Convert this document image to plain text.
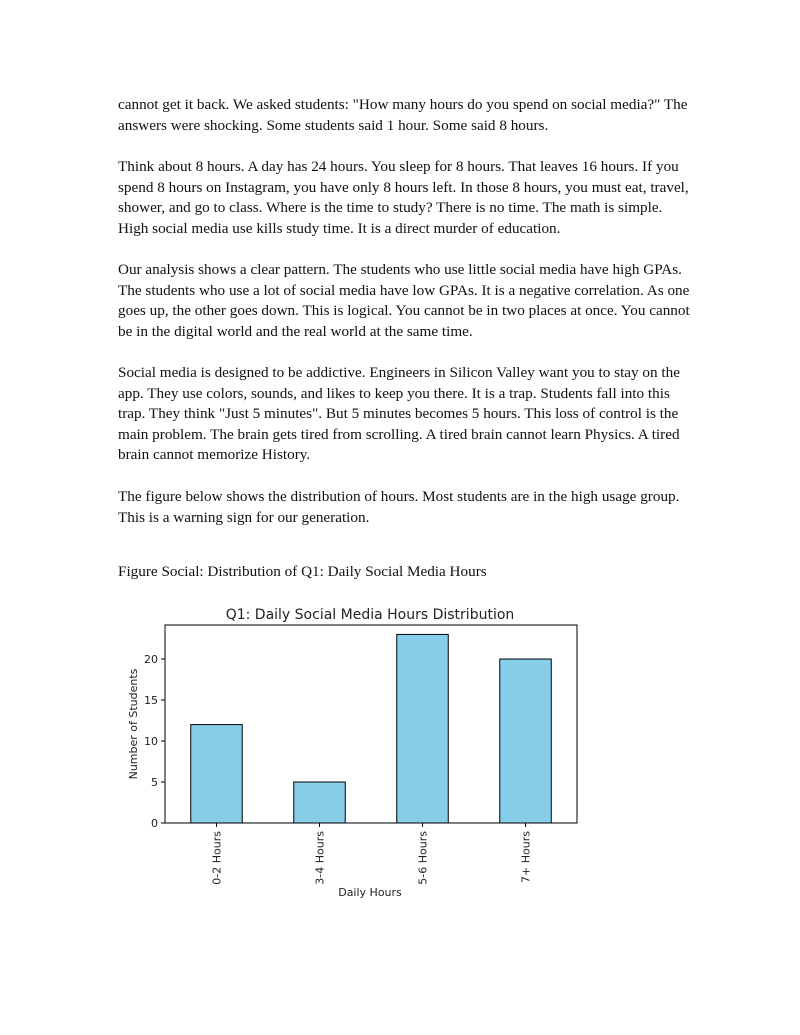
cannot get it back. We asked students: "How many hours do you spend on social media?" The answers were shocking. Some students said 1 hour. Some said 8 hours.

Think about 8 hours. A day has 24 hours. You sleep for 8 hours. That leaves 16 hours. If you spend 8 hours on Instagram, you have only 8 hours left. In those 8 hours, you must eat, travel, shower, and go to class. Where is the time to study? There is no time. The math is simple. High social media use kills study time. It is a direct murder of education.

Our analysis shows a clear pattern. The students who use little social media have high GPAs. The students who use a lot of social media have low GPAs. It is a negative correlation. As one goes up, the other goes down. This is logical. You cannot be in two places at once. You cannot be in the digital world and the real world at the same time.

Social media is designed to be addictive. Engineers in Silicon Valley want you to stay on the app. They use colors, sounds, and likes to keep you there. It is a trap. Students fall into this trap. They think "Just 5 minutes". But 5 minutes becomes 5 hours. This loss of control is the main problem. The brain gets tired from scrolling. A tired brain cannot learn Physics. A tired brain cannot memorize History.

The figure below shows the distribution of hours. Most students are in the high usage group. This is a warning sign for our generation.

Figure Social: Distribution of Q1: Daily Social Media Hours

Q1: Daily Social Media Hours Distribution
0
5
10
15
20
0-2 Hours	3-4 Hours	5-6 Hours	7+ Hours
Daily Hours
Number of Students
